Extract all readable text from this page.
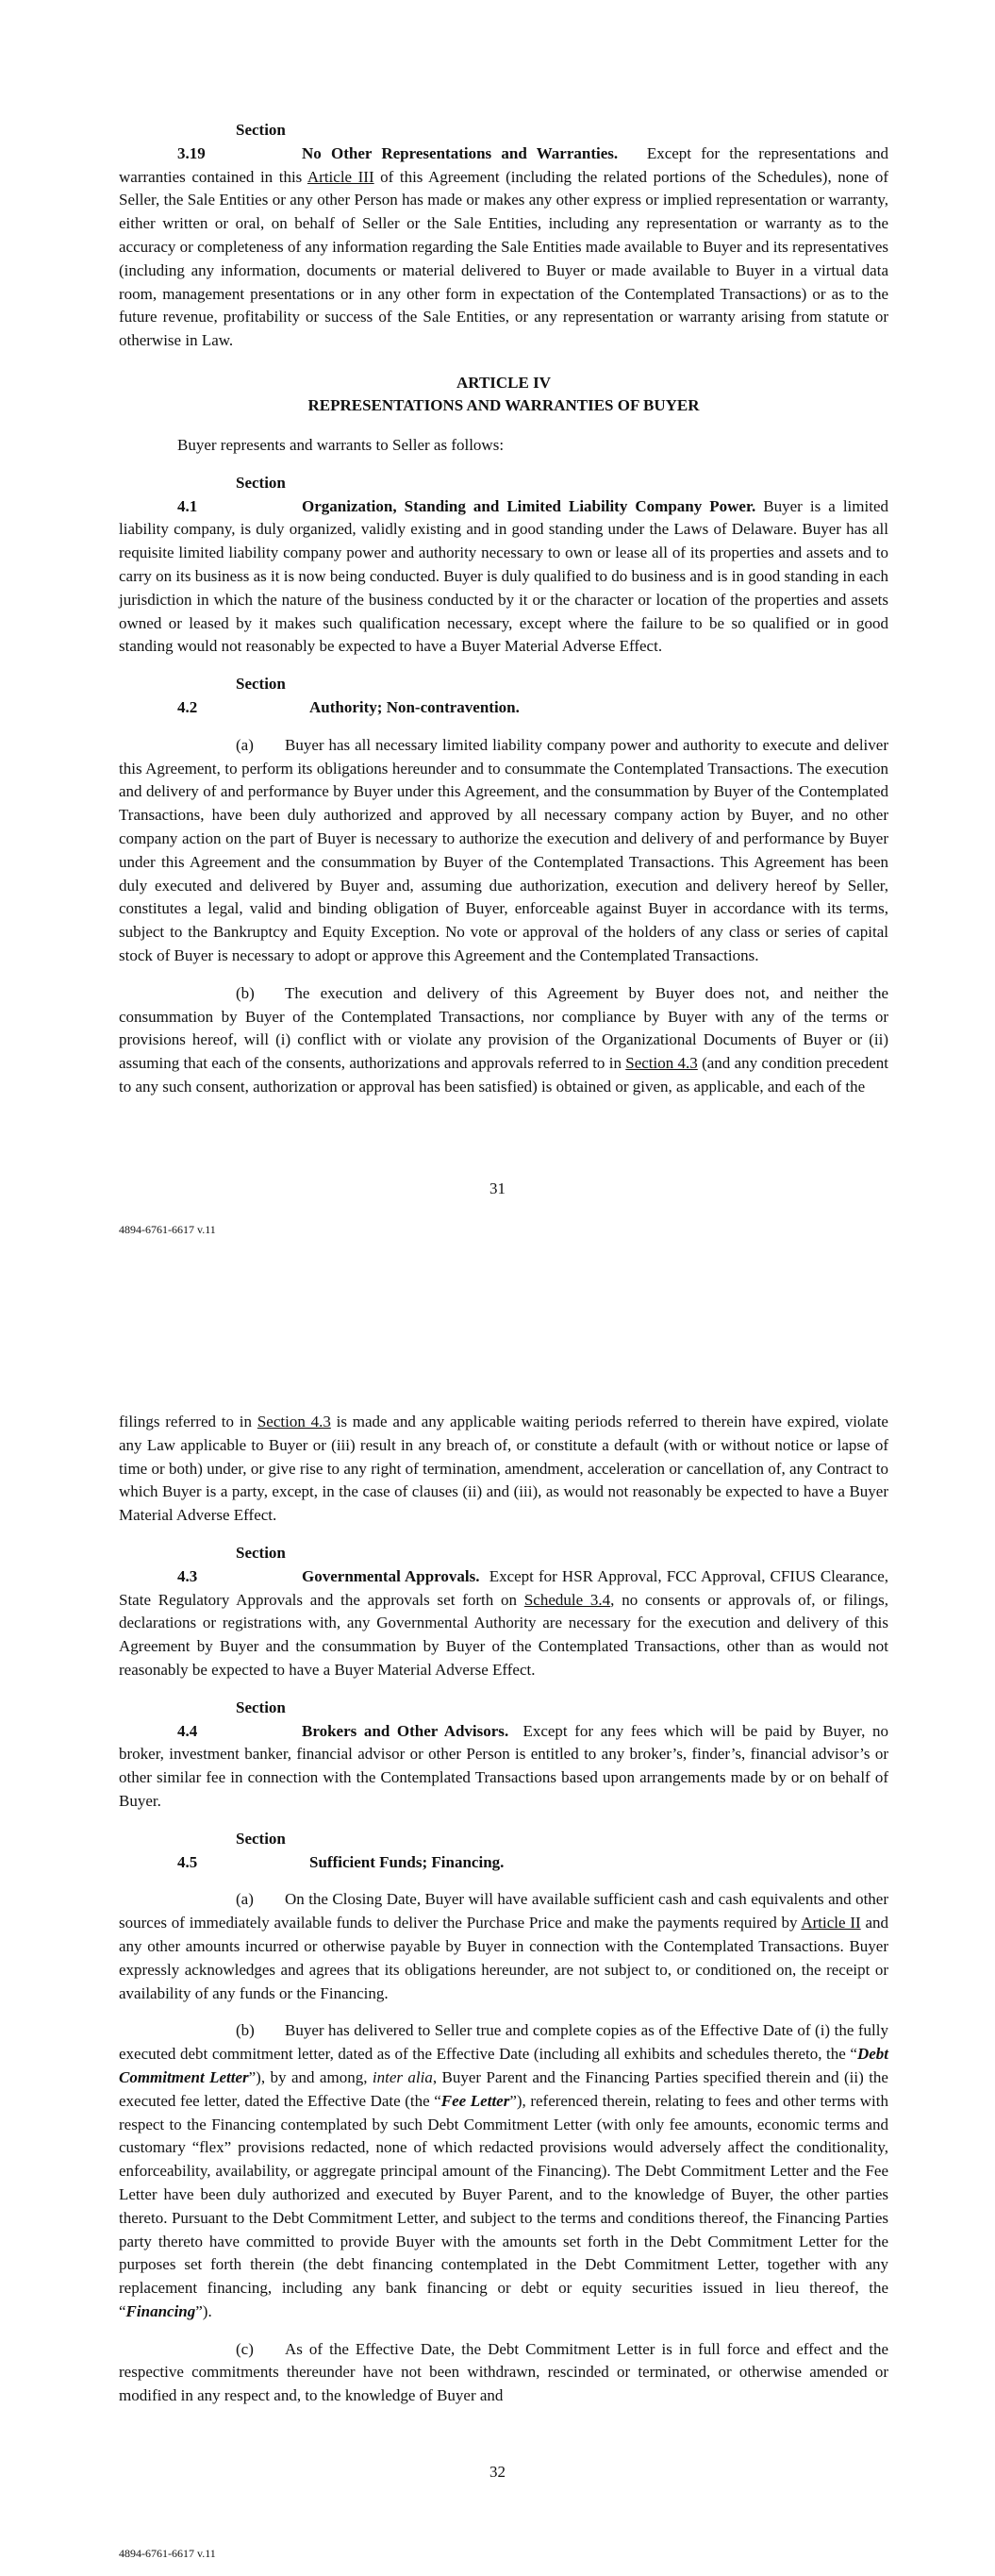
Section 3.19	No Other Representations and Warranties. Except for the representations and warranties contained in this Article III of this Agreement (including the related portions of the Schedules), none of Seller, the Sale Entities or any other Person has made or makes any other express or implied representation or warranty, either written or oral, on behalf of Seller or the Sale Entities, including any representation or warranty as to the accuracy or completeness of any information regarding the Sale Entities made available to Buyer and its representatives (including any information, documents or material delivered to Buyer or made available to Buyer in a virtual data room, management presentations or in any other form in expectation of the Contemplated Transactions) or as to the future revenue, profitability or success of the Sale Entities, or any representation or warranty arising from statute or otherwise in Law.

ARTICLE IV
REPRESENTATIONS AND WARRANTIES OF BUYER

Buyer represents and warrants to Seller as follows:

Section 4.1	Organization, Standing and Limited Liability Company Power. Buyer is a limited liability company, is duly organized, validly existing and in good standing under the Laws of Delaware. Buyer has all requisite limited liability company power and authority necessary to own or lease all of its properties and assets and to carry on its business as it is now being conducted. Buyer is duly qualified to do business and is in good standing in each jurisdiction in which the nature of the business conducted by it or the character or location of the properties and assets owned or leased by it makes such qualification necessary, except where the failure to be so qualified or in good standing would not reasonably be expected to have a Buyer Material Adverse Effect.

Section 4.2	Authority; Non-contravention.

(a) Buyer has all necessary limited liability company power and authority to execute and deliver this Agreement, to perform its obligations hereunder and to consummate the Contemplated Transactions. The execution and delivery of and performance by Buyer under this Agreement, and the consummation by Buyer of the Contemplated Transactions, have been duly authorized and approved by all necessary company action by Buyer, and no other company action on the part of Buyer is necessary to authorize the execution and delivery of and performance by Buyer under this Agreement and the consummation by Buyer of the Contemplated Transactions. This Agreement has been duly executed and delivered by Buyer and, assuming due authorization, execution and delivery hereof by Seller, constitutes a legal, valid and binding obligation of Buyer, enforceable against Buyer in accordance with its terms, subject to the Bankruptcy and Equity Exception. No vote or approval of the holders of any class or series of capital stock of Buyer is necessary to adopt or approve this Agreement and the Contemplated Transactions.

(b) The execution and delivery of this Agreement by Buyer does not, and neither the consummation by Buyer of the Contemplated Transactions, nor compliance by Buyer with any of the terms or provisions hereof, will (i) conflict with or violate any provision of the Organizational Documents of Buyer or (ii) assuming that each of the consents, authorizations and approvals referred to in Section 4.3 (and any condition precedent to any such consent, authorization or approval has been satisfied) is obtained or given, as applicable, and each of the

31
4894-6761-6617 v.11

filings referred to in Section 4.3 is made and any applicable waiting periods referred to therein have expired, violate any Law applicable to Buyer or (iii) result in any breach of, or constitute a default (with or without notice or lapse of time or both) under, or give rise to any right of termination, amendment, acceleration or cancellation of, any Contract to which Buyer is a party, except, in the case of clauses (ii) and (iii), as would not reasonably be expected to have a Buyer Material Adverse Effect.

Section 4.3	Governmental Approvals. Except for HSR Approval, FCC Approval, CFIUS Clearance, State Regulatory Approvals and the approvals set forth on Schedule 3.4, no consents or approvals of, or filings, declarations or registrations with, any Governmental Authority are necessary for the execution and delivery of this Agreement by Buyer and the consummation by Buyer of the Contemplated Transactions, other than as would not reasonably be expected to have a Buyer Material Adverse Effect.

Section 4.4	Brokers and Other Advisors. Except for any fees which will be paid by Buyer, no broker, investment banker, financial advisor or other Person is entitled to any broker’s, finder’s, financial advisor’s or other similar fee in connection with the Contemplated Transactions based upon arrangements made by or on behalf of Buyer.

Section 4.5	Sufficient Funds; Financing.

(a) On the Closing Date, Buyer will have available sufficient cash and cash equivalents and other sources of immediately available funds to deliver the Purchase Price and make the payments required by Article II and any other amounts incurred or otherwise payable by Buyer in connection with the Contemplated Transactions. Buyer expressly acknowledges and agrees that its obligations hereunder, are not subject to, or conditioned on, the receipt or availability of any funds or the Financing.

(b) Buyer has delivered to Seller true and complete copies as of the Effective Date of (i) the fully executed debt commitment letter, dated as of the Effective Date (including all exhibits and schedules thereto, the “Debt Commitment Letter”), by and among, inter alia, Buyer Parent and the Financing Parties specified therein and (ii) the executed fee letter, dated the Effective Date (the “Fee Letter”), referenced therein, relating to fees and other terms with respect to the Financing contemplated by such Debt Commitment Letter (with only fee amounts, economic terms and customary “flex” provisions redacted, none of which redacted provisions would adversely affect the conditionality, enforceability, availability, or aggregate principal amount of the Financing). The Debt Commitment Letter and the Fee Letter have been duly authorized and executed by Buyer Parent, and to the knowledge of Buyer, the other parties thereto. Pursuant to the Debt Commitment Letter, and subject to the terms and conditions thereof, the Financing Parties party thereto have committed to provide Buyer with the amounts set forth in the Debt Commitment Letter for the purposes set forth therein (the debt financing contemplated in the Debt Commitment Letter, together with any replacement financing, including any bank financing or debt or equity securities issued in lieu thereof, the “Financing”).

(c) As of the Effective Date, the Debt Commitment Letter is in full force and effect and the respective commitments thereunder have not been withdrawn, rescinded or terminated, or otherwise amended or modified in any respect and, to the knowledge of Buyer and

32
4894-6761-6617 v.11
